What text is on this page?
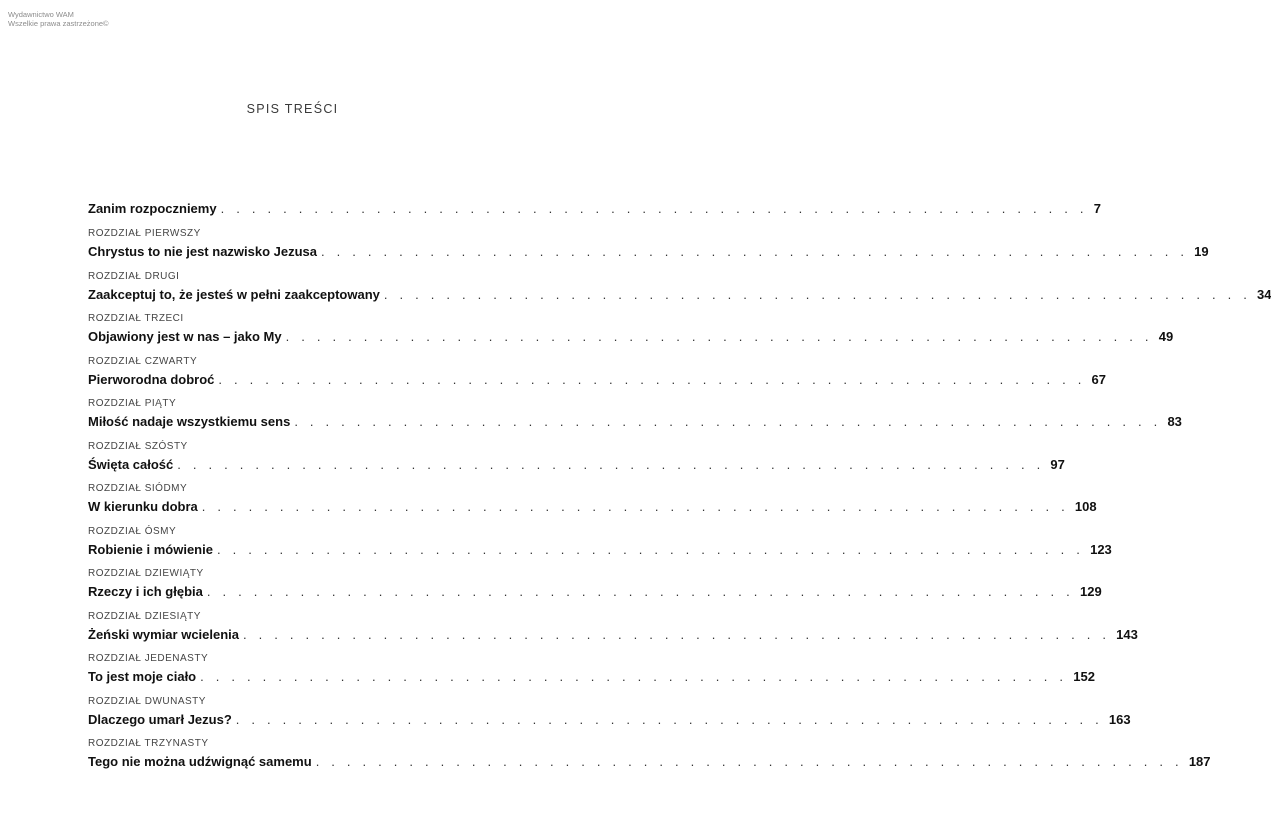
Wydawnictwo WAM
Wszelkie prawa zastrzeżone©
SPIS TREŚCI
Zanim rozpoczniemy . . . . . . . . . . . . . . . . . . . . . . . . . . . . . . . . . . . . . . . . . . . . . . . . . . . . . . . . 7
ROZDZIAŁ PIERWSZY
Chrystus to nie jest nazwisko Jezusa . . . . . . . . . . . . . . . . . . . . . . . . . . . . . . . . . . . . . . . . . . . . . . . . . . . . . . . . 19
ROZDZIAŁ DRUGI
Zaakceptuj to, że jesteś w pełni zaakceptowany . . . . . . . . . . . . . . . . . . . . . . . . . . . . . . . . . . . . . . . . . . . . . . . . . . . . . . . . 34
ROZDZIAŁ TRZECI
Objawiony jest w nas – jako My . . . . . . . . . . . . . . . . . . . . . . . . . . . . . . . . . . . . . . . . . . . . . . . . . . . . . . . . 49
ROZDZIAŁ CZWARTY
Pierworodna dobroć . . . . . . . . . . . . . . . . . . . . . . . . . . . . . . . . . . . . . . . . . . . . . . . . . . . . . . . . 67
ROZDZIAŁ PIĄTY
Miłość nadaje wszystkiemu sens . . . . . . . . . . . . . . . . . . . . . . . . . . . . . . . . . . . . . . . . . . . . . . . . . . . . . . . . 83
ROZDZIAŁ SZÓSTY
Święta całość . . . . . . . . . . . . . . . . . . . . . . . . . . . . . . . . . . . . . . . . . . . . . . . . . . . . . . . . 97
ROZDZIAŁ SIÓDMY
W kierunku dobra . . . . . . . . . . . . . . . . . . . . . . . . . . . . . . . . . . . . . . . . . . . . . . . . . . . . . . . . 108
ROZDZIAŁ ÓSMY
Robienie i mówienie . . . . . . . . . . . . . . . . . . . . . . . . . . . . . . . . . . . . . . . . . . . . . . . . . . . . . . . . 123
ROZDZIAŁ DZIEWIĄTY
Rzeczy i ich głębia . . . . . . . . . . . . . . . . . . . . . . . . . . . . . . . . . . . . . . . . . . . . . . . . . . . . . . . . 129
ROZDZIAŁ DZIESIĄTY
Żeński wymiar wcielenia . . . . . . . . . . . . . . . . . . . . . . . . . . . . . . . . . . . . . . . . . . . . . . . . . . . . . . . . 143
ROZDZIAŁ JEDENASTY
To jest moje ciało . . . . . . . . . . . . . . . . . . . . . . . . . . . . . . . . . . . . . . . . . . . . . . . . . . . . . . . . 152
ROZDZIAŁ DWUNASTY
Dlaczego umarł Jezus? . . . . . . . . . . . . . . . . . . . . . . . . . . . . . . . . . . . . . . . . . . . . . . . . . . . . . . . . 163
ROZDZIAŁ TRZYNASTY
Tego nie można udźwignąć samemu . . . . . . . . . . . . . . . . . . . . . . . . . . . . . . . . . . . . . . . . . . . . . . . . . . . . . . . . 187
